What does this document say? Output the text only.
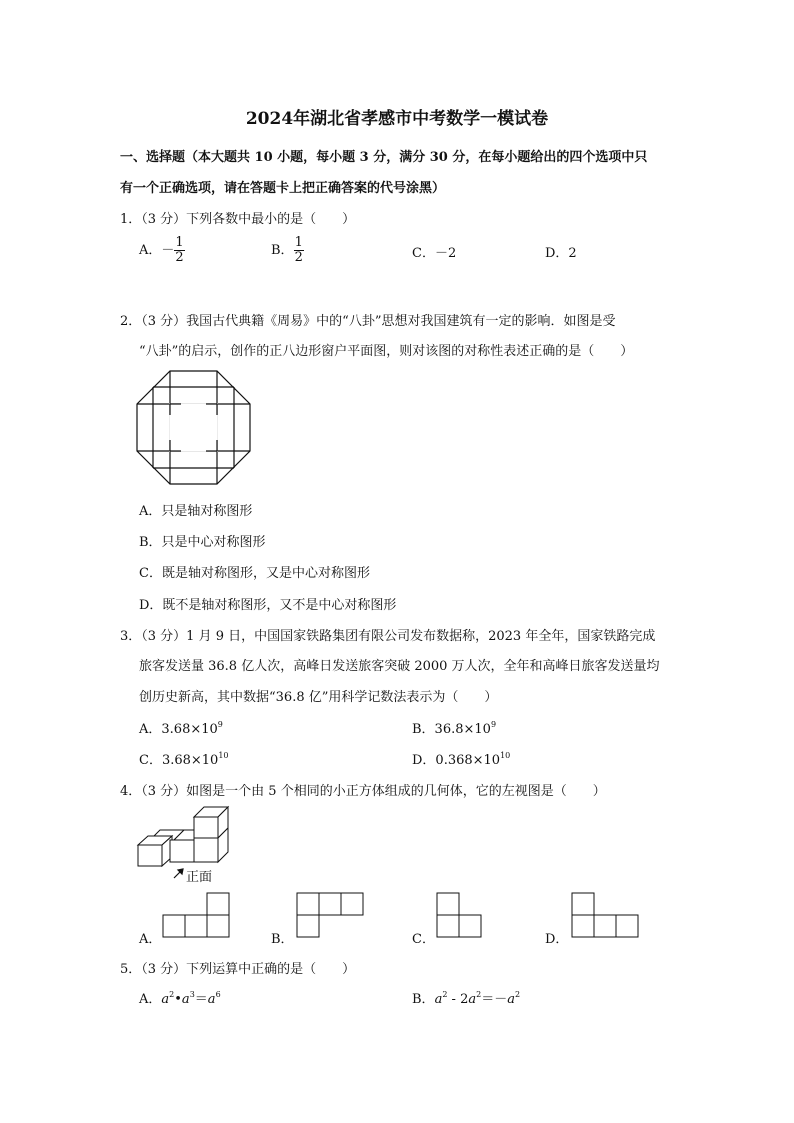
2024年湖北省孝感市中考数学一模试卷
一、选择题（本大题共 10 小题，每小题 3 分，满分 30 分，在每小题给出的四个选项中只
有一个正确选项，请在答题卡上把正确答案的代号涂黑）
1．（3 分）下列各数中最小的是（　　）
A．－ $\frac{1}{2}$	B． $\frac{1}{2}$	C．－2	D．2
2．（3 分）我国古代典籍《周易》中的“八卦”思想对我国建筑有一定的影响．如图是受
“八卦”的启示，创作的正八边形窗户平面图，则对该图的对称性表述正确的是（　　）
A．只是轴对称图形
B．只是中心对称图形
C．既是轴对称图形，又是中心对称图形
D．既不是轴对称图形，又不是中心对称图形
3．（3 分）1 月 9 日，中国国家铁路集团有限公司发布数据称，2023 年全年，国家铁路完成
旅客发送量 36.8 亿人次，高峰日发送旅客突破 2000 万人次，全年和高峰日旅客发送量均
创历史新高，其中数据“36.8 亿”用科学记数法表示为（　　）
A．$3.68\times 10^9$	B．$36.8\times 10^9$
C．$3.68\times 10^{10}$	D．$0.368\times 10^{10}$
4．（3 分）如图是一个由 5 个相同的小正方体组成的几何体，它的左视图是（　　）
正面
A．	B．	C．	D．
5．（3 分）下列运算中正确的是（　　）
A．$a^2•a^3=a^6$	B．$a^2 - 2a^2=-a^2$
